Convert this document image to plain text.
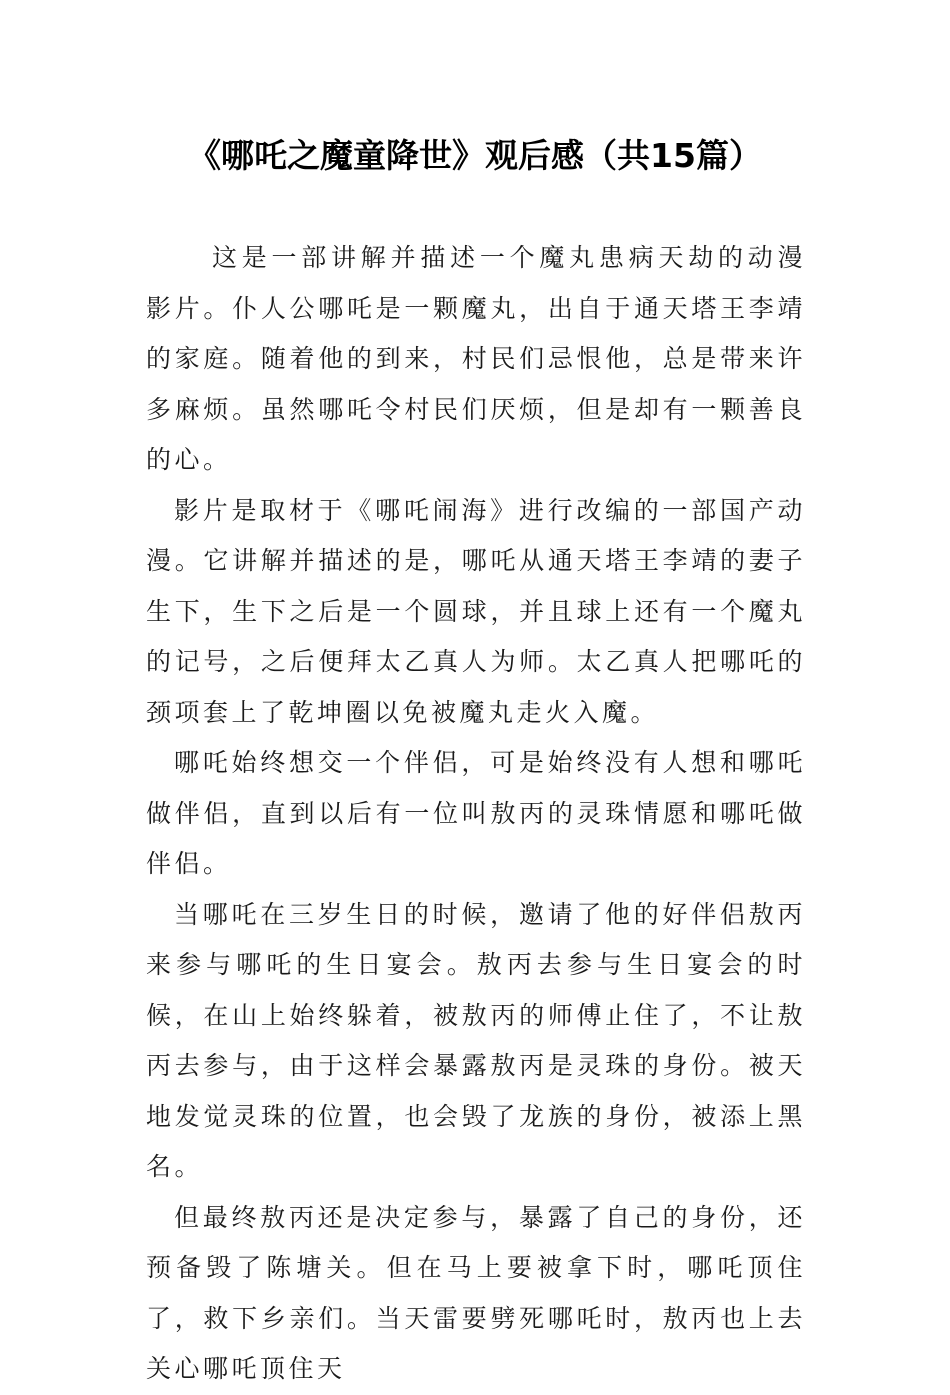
《哪吒之魔童降世》观后感（共15篇）

这是一部讲解并描述一个魔丸患病天劫的动漫影片。仆人公哪吒是一颗魔丸，出自于通天塔王李靖的家庭。随着他的到来，村民们忌恨他，总是带来许多麻烦。虽然哪吒令村民们厌烦，但是却有一颗善良的心。

影片是取材于《哪吒闹海》进行改编的一部国产动漫。它讲解并描述的是，哪吒从通天塔王李靖的妻子生下，生下之后是一个圆球，并且球上还有一个魔丸的记号，之后便拜太乙真人为师。太乙真人把哪吒的颈项套上了乾坤圈以免被魔丸走火入魔。

哪吒始终想交一个伴侣，可是始终没有人想和哪吒做伴侣，直到以后有一位叫敖丙的灵珠情愿和哪吒做伴侣。

当哪吒在三岁生日的时候，邀请了他的好伴侣敖丙来参与哪吒的生日宴会。敖丙去参与生日宴会的时候，在山上始终躲着，被敖丙的师傅止住了，不让敖丙去参与，由于这样会暴露敖丙是灵珠的身份。被天地发觉灵珠的位置，也会毁了龙族的身份，被添上黑名。

但最终敖丙还是决定参与，暴露了自己的身份，还预备毁了陈塘关。但在马上要被拿下时，哪吒顶住了，救下乡亲们。当天雷要劈死哪吒时，敖丙也上去关心哪吒顶住天
